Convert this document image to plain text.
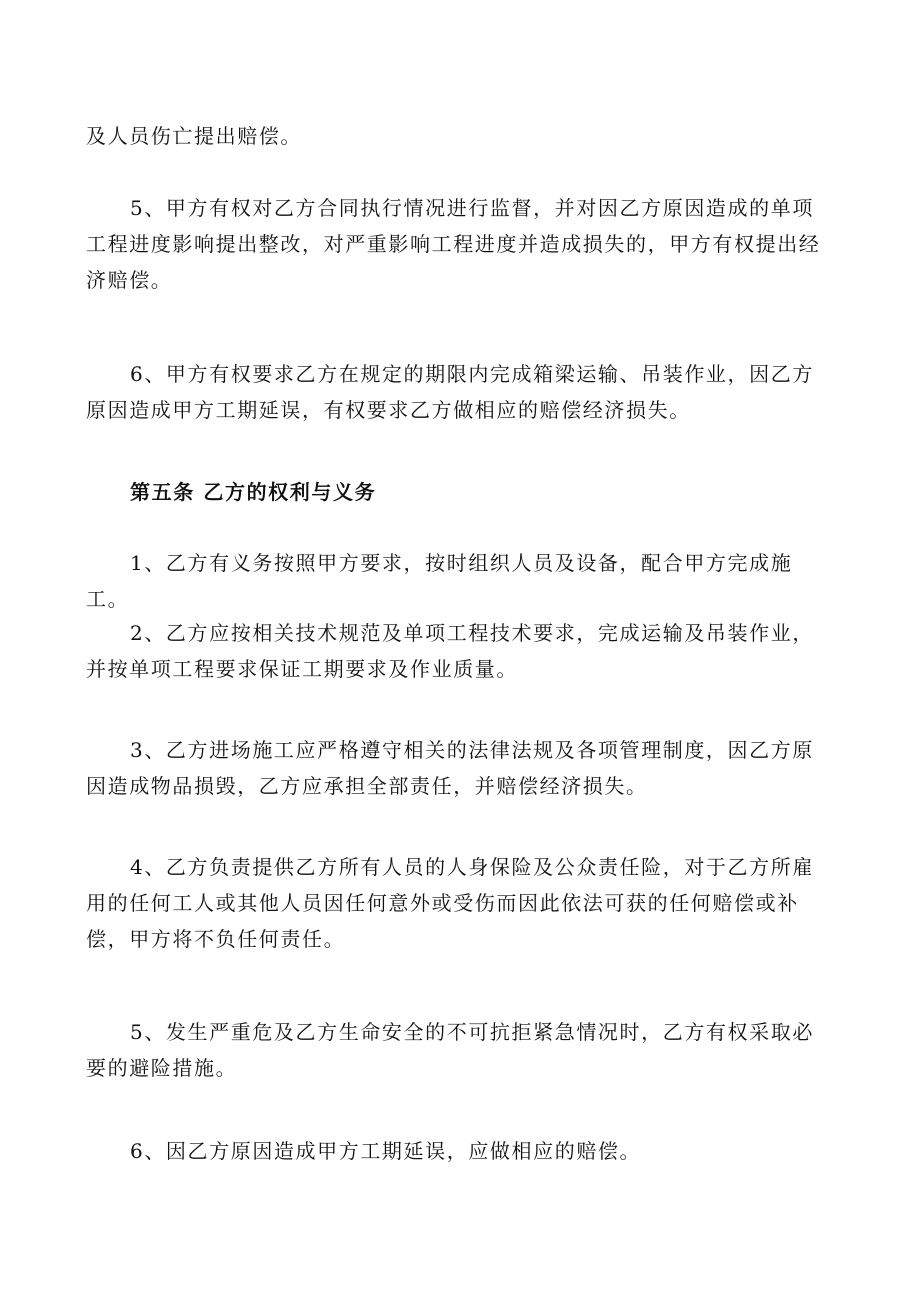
及人员伤亡提出赔偿。

5、甲方有权对乙方合同执行情况进行监督，并对因乙方原因造成的单项工程进度影响提出整改，对严重影响工程进度并造成损失的，甲方有权提出经济赔偿。

6、甲方有权要求乙方在规定的期限内完成箱梁运输、吊装作业，因乙方原因造成甲方工期延误，有权要求乙方做相应的赔偿经济损失。

第五条 乙方的权利与义务

1、乙方有义务按照甲方要求，按时组织人员及设备，配合甲方完成施工。

2、乙方应按相关技术规范及单项工程技术要求，完成运输及吊装作业，并按单项工程要求保证工期要求及作业质量。

3、乙方进场施工应严格遵守相关的法律法规及各项管理制度，因乙方原因造成物品损毁，乙方应承担全部责任，并赔偿经济损失。

4、乙方负责提供乙方所有人员的人身保险及公众责任险，对于乙方所雇用的任何工人或其他人员因任何意外或受伤而因此依法可获的任何赔偿或补偿，甲方将不负任何责任。

5、发生严重危及乙方生命安全的不可抗拒紧急情况时，乙方有权采取必要的避险措施。

6、因乙方原因造成甲方工期延误，应做相应的赔偿。
